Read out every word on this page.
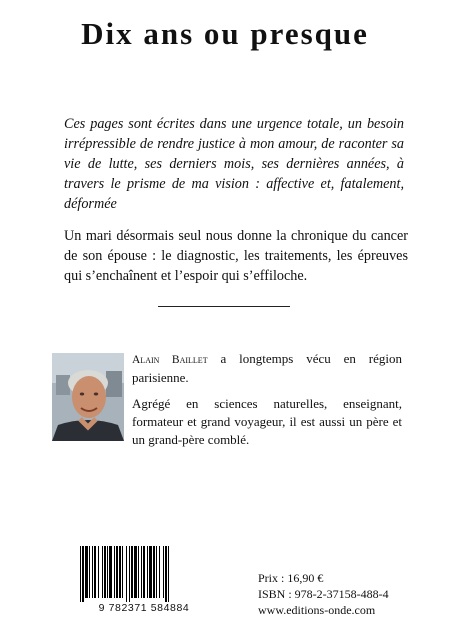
Dix ans ou presque

Ces pages sont écrites dans une urgence totale, un besoin irrépressible de rendre justice à mon amour, de raconter sa vie de lutte, ses derniers mois, ses dernières années, à travers le prisme de ma vision : affective et, fatalement, déformée

Un mari désormais seul nous donne la chronique du cancer de son épouse : le diagnostic, les traitements, les épreuves qui s’enchaînent et l’espoir qui s’effiloche.

Alain Baillet a longtemps vécu en région parisienne.
Agrégé en sciences naturelles, enseignant, formateur et grand voyageur, il est aussi un père et un grand-père comblé.
9 782371 584884
Prix : 16,90 €
ISBN : 978-2-37158-488-4
www.editions-onde.com
